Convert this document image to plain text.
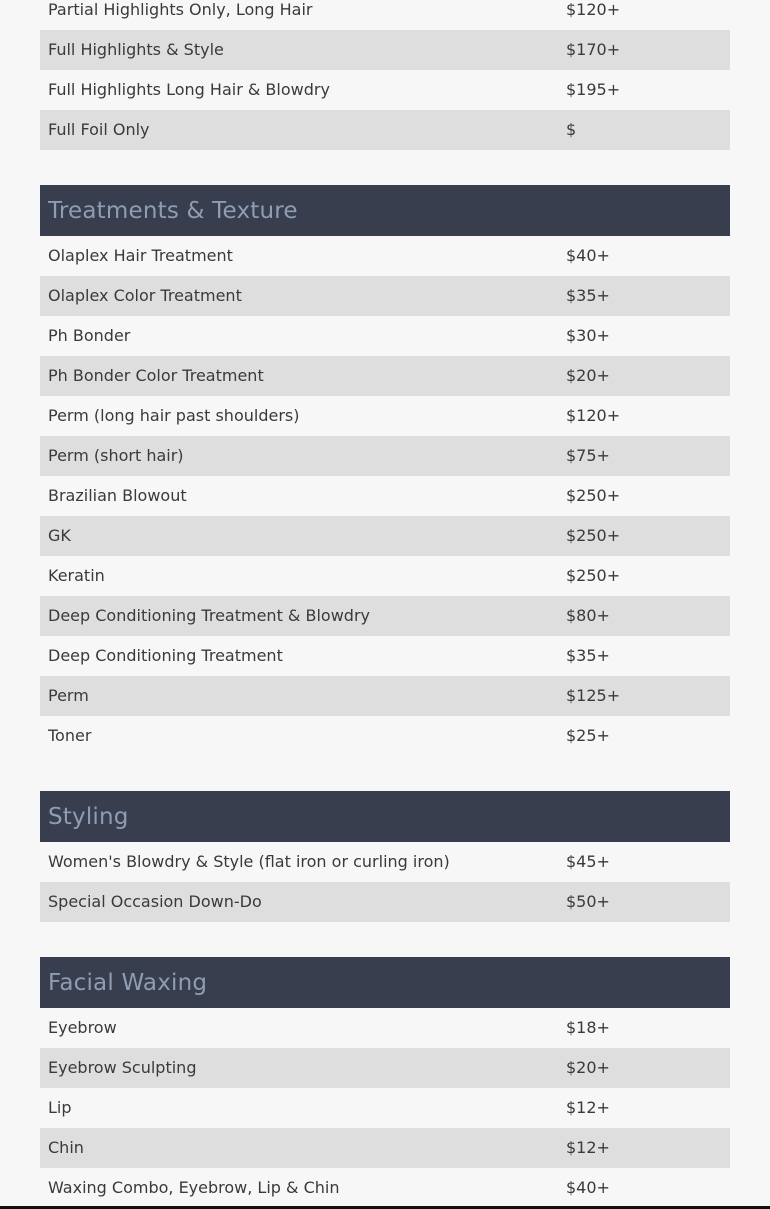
Partial Highlights Only, Long Hair	$120+
Full Highlights & Style	$170+
Full Highlights Long Hair & Blowdry	$195+
Full Foil Only	$
Treatments & Texture
Olaplex Hair Treatment	$40+
Olaplex Color Treatment	$35+
Ph Bonder	$30+
Ph Bonder Color Treatment	$20+
Perm (long hair past shoulders)	$120+
Perm (short hair)	$75+
Brazilian Blowout	$250+
GK	$250+
Keratin	$250+
Deep Conditioning Treatment & Blowdry	$80+
Deep Conditioning Treatment	$35+
Perm	$125+
Toner	$25+
Styling
Women's Blowdry & Style (flat iron or curling iron)	$45+
Special Occasion Down-Do	$50+
Facial Waxing
Eyebrow	$18+
Eyebrow Sculpting	$20+
Lip	$12+
Chin	$12+
Waxing Combo, Eyebrow, Lip & Chin	$40+
